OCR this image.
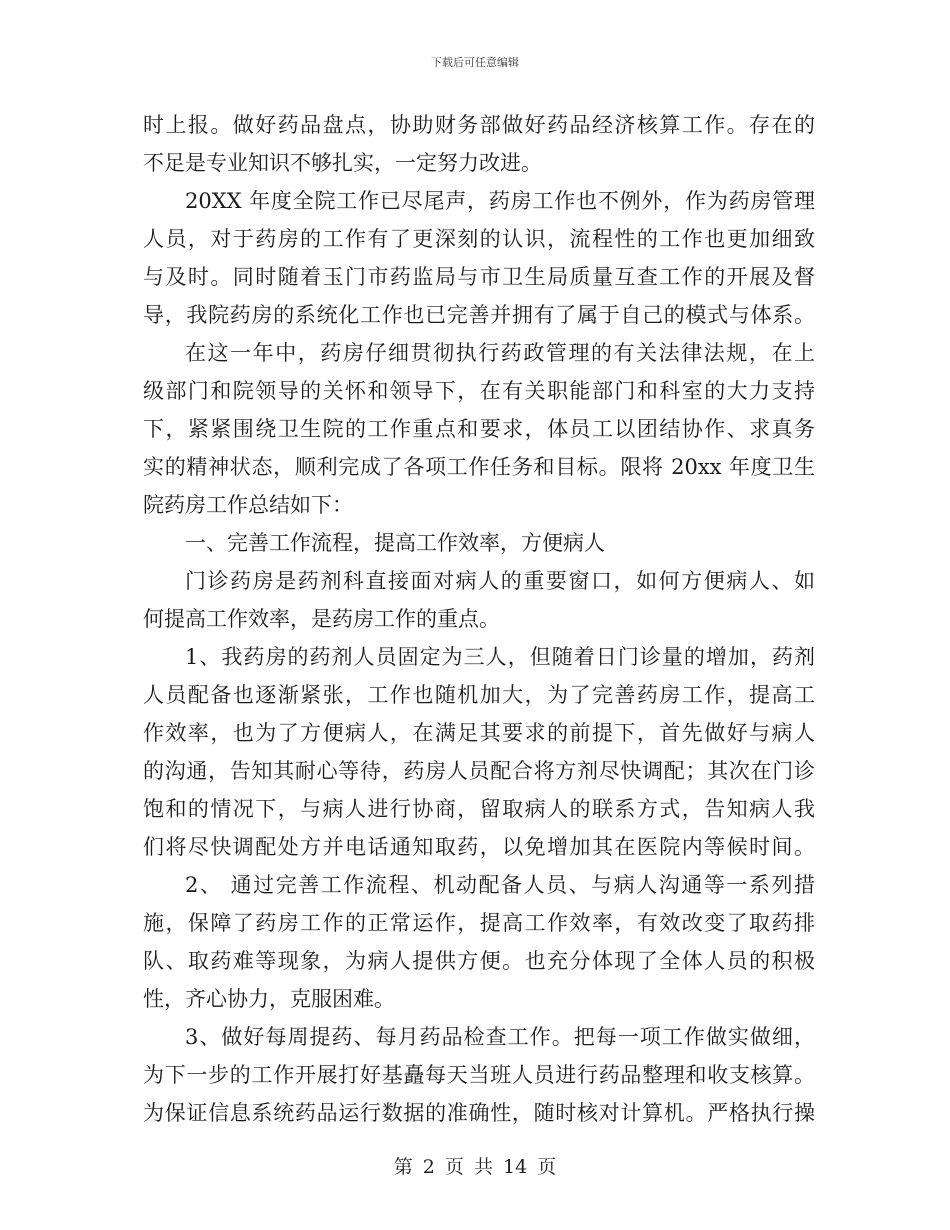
下载后可任意编辑
时上报。做好药品盘点，协助财务部做好药品经济核算工作。存在的
不足是专业知识不够扎实，一定努力改进。
20XX 年度全院工作已尽尾声，药房工作也不例外，作为药房管理
人员，对于药房的工作有了更深刻的认识，流程性的工作也更加细致
与及时。同时随着玉门市药监局与市卫生局质量互查工作的开展及督
导，我院药房的系统化工作也已完善并拥有了属于自己的模式与体系。
在这一年中，药房仔细贯彻执行药政管理的有关法律法规，在上
级部门和院领导的关怀和领导下，在有关职能部门和科室的大力支持
下，紧紧围绕卫生院的工作重点和要求，体员工以团结协作、求真务
实的精神状态，顺利完成了各项工作任务和目标。限将 20xx 年度卫生
院药房工作总结如下：
一、完善工作流程，提高工作效率，方便病人
门诊药房是药剂科直接面对病人的重要窗口，如何方便病人、如
何提高工作效率，是药房工作的重点。
1、我药房的药剂人员固定为三人，但随着日门诊量的增加，药剂
人员配备也逐渐紧张，工作也随机加大，为了完善药房工作，提高工
作效率，也为了方便病人，在满足其要求的前提下，首先做好与病人
的沟通，告知其耐心等待，药房人员配合将方剂尽快调配；其次在门诊
饱和的情况下，与病人进行协商，留取病人的联系方式，告知病人我
们将尽快调配处方并电话通知取药，以免增加其在医院内等候时间。
2、 通过完善工作流程、机动配备人员、与病人沟通等一系列措
施，保障了药房工作的正常运作，提高工作效率，有效改变了取药排
队、取药难等现象，为病人提供方便。也充分体现了全体人员的积极
性，齐心协力，克服困难。
3、做好每周提药、每月药品检查工作。把每一项工作做实做细，
为下一步的工作开展打好基矗每天当班人员进行药品整理和收支核算。
为保证信息系统药品运行数据的准确性，随时核对计算机。严格执行操
第 2 页 共 14 页
